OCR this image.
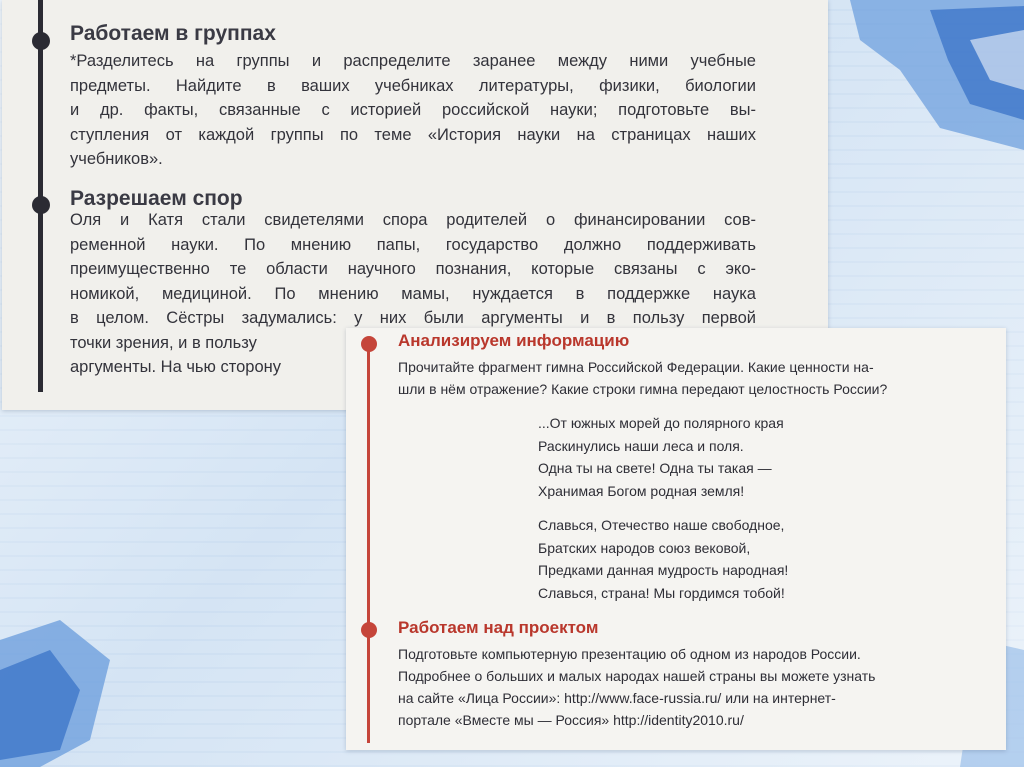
Работаем в группах
*Разделитесь на группы и распределите заранее между ними учебные
предметы. Найдите в ваших учебниках литературы, физики, биологии
и др. факты, связанные с историей российской науки; подготовьте вы-
ступления от каждой группы по теме «История науки на страницах наших
учебников».
Разрешаем спор
Оля и Катя стали свидетелями спора родителей о финансировании сов-
ременной науки. По мнению папы, государство должно поддерживать
преимущественно те области научного познания, которые связаны с эко-
номикой, медициной. По мнению мамы, нуждается в поддержке наука
в целом. Сёстры задумались: у них были аргументы и в пользу первой
точки зрения, и в пользу
аргументы. На чью сторону
Анализируем информацию
Прочитайте фрагмент гимна Российской Федерации. Какие ценности на-
шли в нём отражение? Какие строки гимна передают целостность России?
...От южных морей до полярного края
Раскинулись наши леса и поля.
Одна ты на свете! Одна ты такая —
Хранимая Богом родная земля!
Славься, Отечество наше свободное,
Братских народов союз вековой,
Предками данная мудрость народная!
Славься, страна! Мы гордимся тобой!
Работаем над проектом
Подготовьте компьютерную презентацию об одном из народов России.
Подробнее о больших и малых народах нашей страны вы можете узнать
на сайте «Лица России»: http://www.face-russia.ru/ или на интернет-
портале «Вместе мы — Россия» http://identity2010.ru/
